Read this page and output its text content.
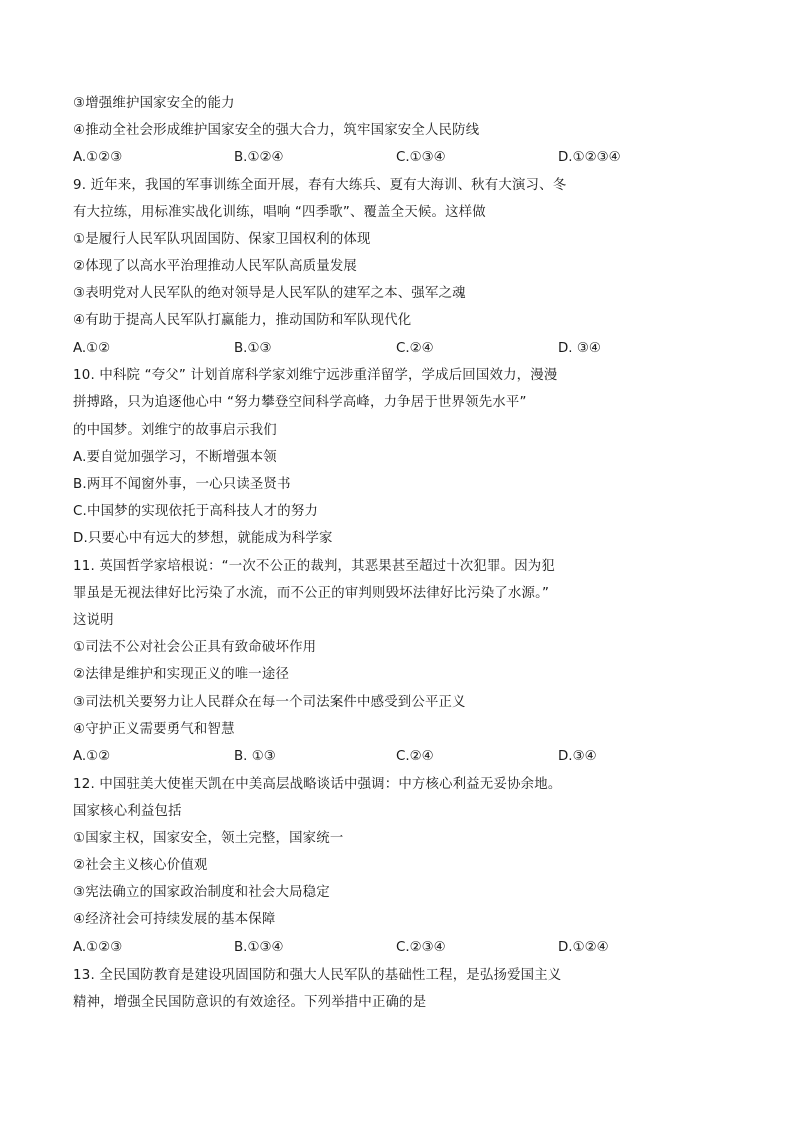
③增强维护国家安全的能力
④推动全社会形成维护国家安全的强大合力，筑牢国家安全人民防线
A.①②③	B.①②④	C.①③④	D.①②③④
9. 近年来，我国的军事训练全面开展，春有大练兵、夏有大海训、秋有大演习、冬
有大拉练，用标准实战化训练，唱响 “四季歌”、覆盖全天候。这样做
①是履行人民军队巩固国防、保家卫国权利的体现
②体现了以高水平治理推动人民军队高质量发展
③表明党对人民军队的绝对领导是人民军队的建军之本、强军之魂
④有助于提高人民军队打赢能力，推动国防和军队现代化
A.①②	B.①③	C.②④	D. ③④
10. 中科院 “夸父” 计划首席科学家刘维宁远涉重洋留学，学成后回国效力，漫漫
拼搏路，只为追逐他心中 “努力攀登空间科学高峰，力争居于世界领先水平”
的中国梦。刘维宁的故事启示我们
A.要自觉加强学习，不断增强本领
B.两耳不闻窗外事，一心只读圣贤书
C.中国梦的实现依托于高科技人才的努力
D.只要心中有远大的梦想，就能成为科学家
11. 英国哲学家培根说：“一次不公正的裁判，其恶果甚至超过十次犯罪。因为犯
罪虽是无视法律好比污染了水流，而不公正的审判则毁坏法律好比污染了水源。”
这说明
①司法不公对社会公正具有致命破坏作用
②法律是维护和实现正义的唯一途径
③司法机关要努力让人民群众在每一个司法案件中感受到公平正义
④守护正义需要勇气和智慧
A.①②	B. ①③	C.②④	D.③④
12. 中国驻美大使崔天凯在中美高层战略谈话中强调：中方核心利益无妥协余地。
国家核心利益包括
①国家主权，国家安全，领土完整，国家统一
②社会主义核心价值观
③宪法确立的国家政治制度和社会大局稳定
④经济社会可持续发展的基本保障
A.①②③	B.①③④	C.②③④	D.①②④
13. 全民国防教育是建设巩固国防和强大人民军队的基础性工程，是弘扬爱国主义
精神，增强全民国防意识的有效途径。下列举措中正确的是
